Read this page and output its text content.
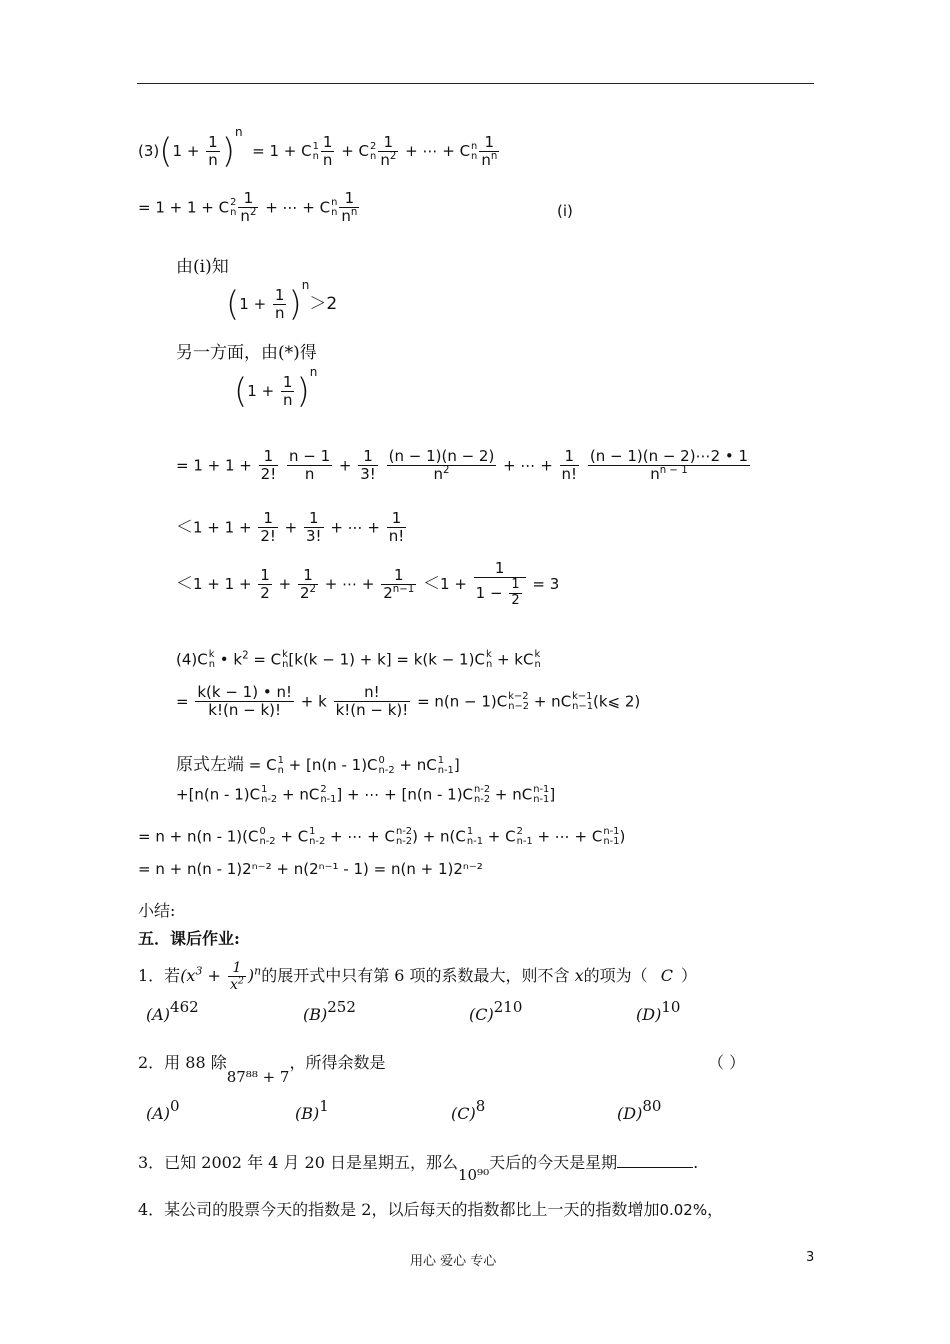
$(3)(1 + \frac{1}{n} )^n = 1 + C$ 1
n $\frac{1}{n} + C$ 2
n $\frac{1}{n^2}$ + ⋯ + C n
n $\frac{1}{n^n}$
= 1 + 1 + C 2
n $\frac{1}{n^2}$ + ⋯ + C n
n $\frac{1}{n^n}$	(i)
由(i)知
$(1 + \frac{1}{n} )^n>2$
另一方面，由(*)得
$(1 + \frac{1}{n} )^n$
= $1 + 1 + \frac{1}{2!}$
$\frac{n - 1}{n} + \frac{1}{3!}$
$\frac{(n - 1)(n - 2)}{n^2}$ + ⋯ + $\frac{1}{n!}$
$\frac{(n - 1)(n - 2)\cdots 2 • 1}{n^{n - 1}}$
$<1 + 1 + \frac{1}{2!} + \frac{1}{3!}$ + ⋯ + $\frac{1}{n!}$
$<1 + 1 + \frac{1}{2} + \frac{1}{2^2}$ + ⋯ + $\frac{1}{2^{n-1}} <1 + \frac{1}{1 - \frac{1}{2}} = 3$
(4)C k
n • $k^2 = C$ k
n [k(k − 1) + k] = k(k − 1)C k
n + kC k
n
= $\frac{k(k - 1) • n!}{k!(n - k)!} + k \frac{n!}{k!(n - k)!} = n(n - 1)C$ k−2
n−2 + nC k−1
n−1 (k⩽ 2)
原式左端 = C 1
n + [n(n - 1)C 0
n-2 + nC 1
n-1 ]
+[n(n - 1)C 1
n-2 + nC 2
n-1 ] + ⋯ + [n(n - 1)C n-2
n-2 + nC n-1
n-1 ]
= n + n(n - 1)(C 0
n-2 + C 1
n-2 + ⋯ + C n-2
n-2 ) + n(C 1
n-1 + C 2
n-1 + ⋯ + C n-1
n-1 )
= n + n(n - 1)2ⁿ⁻² + n(2ⁿ⁻¹ - 1) = n(n + 1)2ⁿ⁻²
小结:
五．课后作业:
1．若$(x^3 + \frac{1}{x^2} )^n$的展开式中只有第 6 项的系数最大，则不含 x的项为（ C ）
$(A)^{462}$	$(B)^{252}$	$(C)^{210}$	$(D)^{10}$
2．用 88 除87⁸⁸ + 7，所得余数是	（ ）
$(A)^0$	$(B)^1$	$(C)^8$	$(D)^{80}$
3．已知 2002 年 4 月 20 日是星期五，那么10⁹⁰天后的今天是星期	.
4．某公司的股票今天的指数是 2，以后每天的指数都比上一天的指数增加0.02%，
用心 爱心 专心	3
